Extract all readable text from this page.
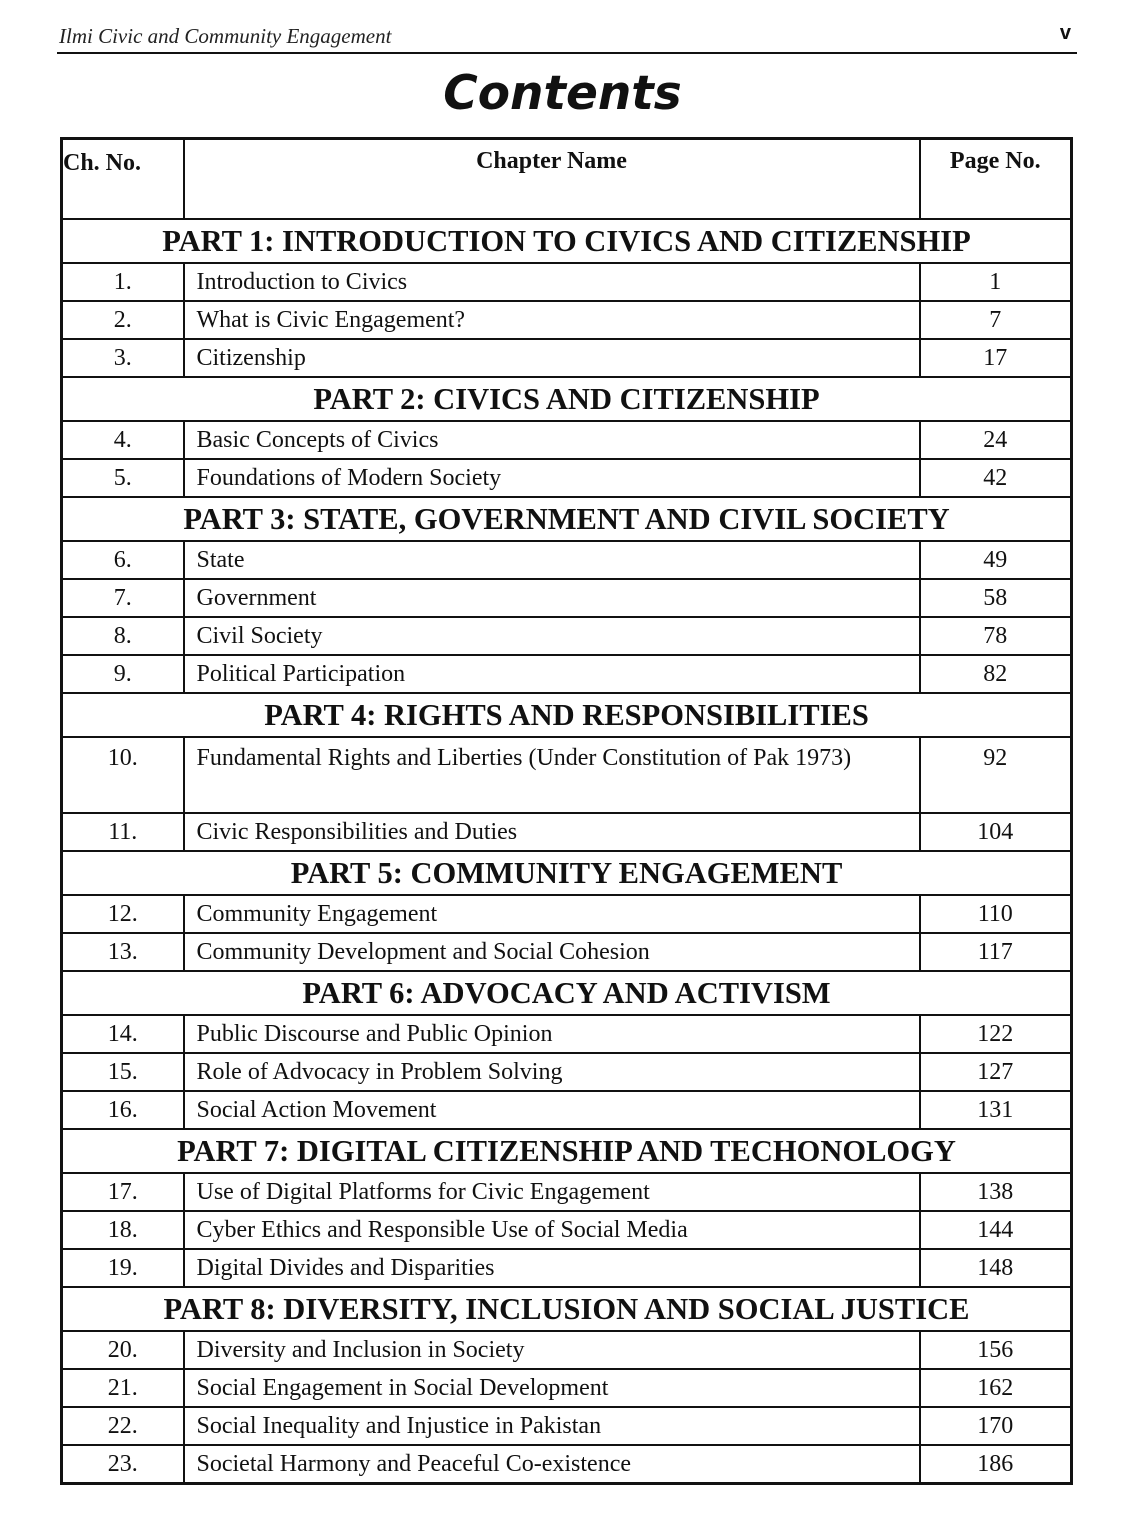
Ilmi Civic and Community Engagement	v
Contents
Ch. No.	Chapter Name	Page No.
PART 1: INTRODUCTION TO CIVICS AND CITIZENSHIP		
1.	Introduction to Civics	1
2.	What is Civic Engagement?	7
3.	Citizenship	17
PART 2: CIVICS AND CITIZENSHIP		
4.	Basic Concepts of Civics	24
5.	Foundations of Modern Society	42
PART 3: STATE, GOVERNMENT AND CIVIL SOCIETY		
6.	State	49
7.	Government	58
8.	Civil Society	78
9.	Political Participation	82
PART 4: RIGHTS AND RESPONSIBILITIES		
10.	Fundamental Rights and Liberties (Under Constitution of Pak 1973)	92
11.	Civic Responsibilities and Duties	104
PART 5: COMMUNITY ENGAGEMENT		
12.	Community Engagement	110
13.	Community Development and Social Cohesion	117
PART 6: ADVOCACY AND ACTIVISM		
14.	Public Discourse and Public Opinion	122
15.	Role of Advocacy in Problem Solving	127
16.	Social Action Movement	131
PART 7: DIGITAL CITIZENSHIP AND TECHONOLOGY		
17.	Use of Digital Platforms for Civic Engagement	138
18.	Cyber Ethics and Responsible Use of Social Media	144
19.	Digital Divides and Disparities	148
PART 8: DIVERSITY, INCLUSION AND SOCIAL JUSTICE		
20.	Diversity and Inclusion in Society	156
21.	Social Engagement in Social Development	162
22.	Social Inequality and Injustice in Pakistan	170
23.	Societal Harmony and Peaceful Co-existence	186
